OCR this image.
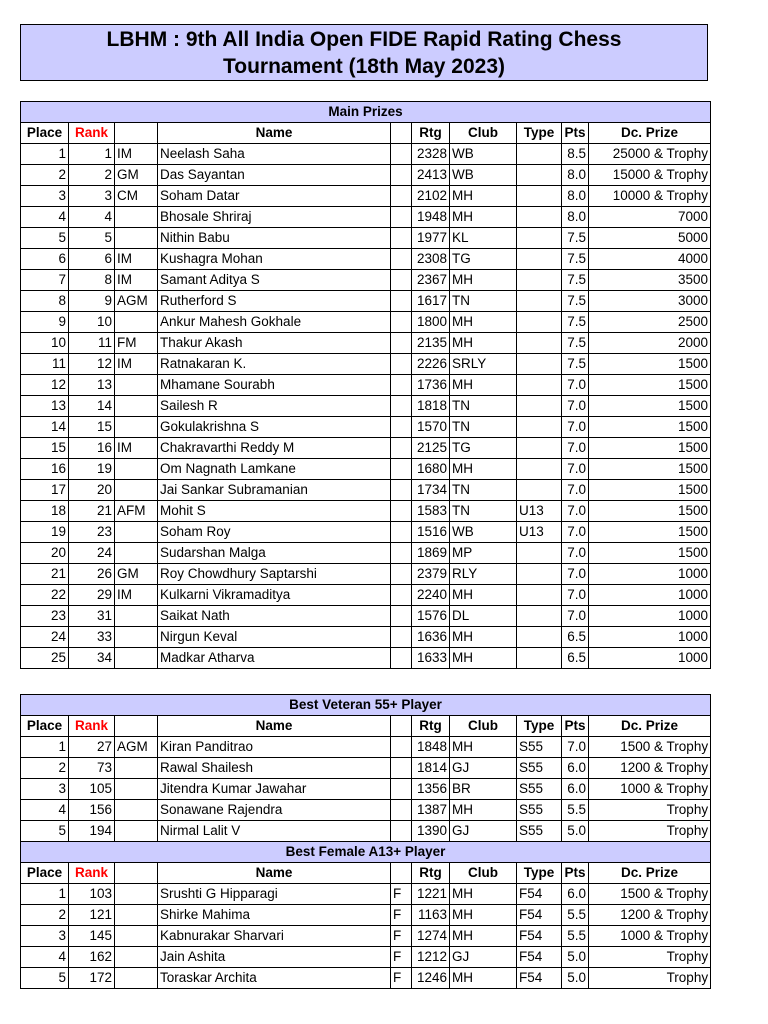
LBHM : 9th All India Open FIDE Rapid Rating Chess
Tournament (18th May 2023)
Main Prizes									
Place	Rank		Name		Rtg	Club	Type	Pts	Dc. Prize
1	1	IM	Neelash Saha		2328	WB		8.5	25000 & Trophy
2	2	GM	Das Sayantan		2413	WB		8.0	15000 & Trophy
3	3	CM	Soham Datar		2102	MH		8.0	10000 & Trophy
4	4		Bhosale Shriraj		1948	MH		8.0	7000
5	5		Nithin Babu		1977	KL		7.5	5000
6	6	IM	Kushagra Mohan		2308	TG		7.5	4000
7	8	IM	Samant Aditya S		2367	MH		7.5	3500
8	9	AGM	Rutherford S		1617	TN		7.5	3000
9	10		Ankur Mahesh Gokhale		1800	MH		7.5	2500
10	11	FM	Thakur Akash		2135	MH		7.5	2000
11	12	IM	Ratnakaran K.		2226	SRLY		7.5	1500
12	13		Mhamane Sourabh		1736	MH		7.0	1500
13	14		Sailesh R		1818	TN		7.0	1500
14	15		Gokulakrishna S		1570	TN		7.0	1500
15	16	IM	Chakravarthi Reddy M		2125	TG		7.0	1500
16	19		Om Nagnath Lamkane		1680	MH		7.0	1500
17	20		Jai Sankar Subramanian		1734	TN		7.0	1500
18	21	AFM	Mohit S		1583	TN	U13	7.0	1500
19	23		Soham Roy		1516	WB	U13	7.0	1500
20	24		Sudarshan Malga		1869	MP		7.0	1500
21	26	GM	Roy Chowdhury Saptarshi		2379	RLY		7.0	1000
22	29	IM	Kulkarni Vikramaditya		2240	MH		7.0	1000
23	31		Saikat Nath		1576	DL		7.0	1000
24	33		Nirgun Keval		1636	MH		6.5	1000
25	34		Madkar Atharva		1633	MH		6.5	1000
Best Veteran 55+ Player									
Place	Rank		Name		Rtg	Club	Type	Pts	Dc. Prize
1	27	AGM	Kiran Panditrao		1848	MH	S55	7.0	1500 & Trophy
2	73		Rawal Shailesh		1814	GJ	S55	6.0	1200 & Trophy
3	105		Jitendra Kumar Jawahar		1356	BR	S55	6.0	1000 & Trophy
4	156		Sonawane Rajendra		1387	MH	S55	5.5	Trophy
5	194		Nirmal Lalit V		1390	GJ	S55	5.0	Trophy
Best Female A13+ Player									
Place	Rank		Name		Rtg	Club	Type	Pts	Dc. Prize
1	103		Srushti G Hipparagi	F	1221	MH	F54	6.0	1500 & Trophy
2	121		Shirke Mahima	F	1163	MH	F54	5.5	1200 & Trophy
3	145		Kabnurakar Sharvari	F	1274	MH	F54	5.5	1000 & Trophy
4	162		Jain Ashita	F	1212	GJ	F54	5.0	Trophy
5	172		Toraskar Archita	F	1246	MH	F54	5.0	Trophy
